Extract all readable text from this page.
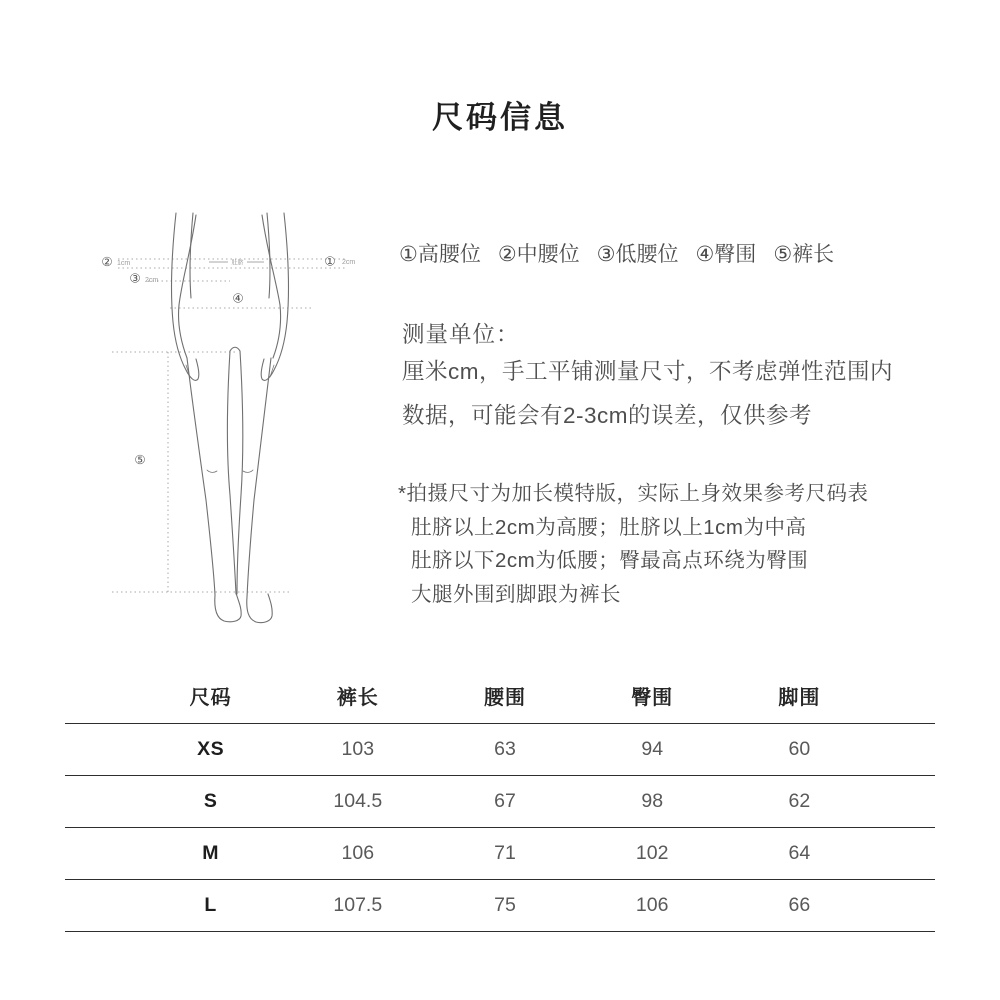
尺码信息
肚脐
②
③
①
④
⑤
1cm
2cm
2cm ①高腰位 ②中腰位 ③低腰位 ④臀围 ⑤裤长
测量单位：
厘米cm，手工平铺测量尺寸，不考虑弹性范围内
数据，可能会有2-3cm的误差，仅供参考
*拍摄尺寸为加长模特版，实际上身效果参考尺码表
肚脐以上2cm为高腰；肚脐以上1cm为中高
肚脐以下2cm为低腰；臀最高点环绕为臀围
大腿外围到脚跟为裤长
尺码	裤长	腰围	臀围	脚围
XS	103	63	94	60
S	104.5	67	98	62
M	106	71	102	64
L	107.5	75	106	66
